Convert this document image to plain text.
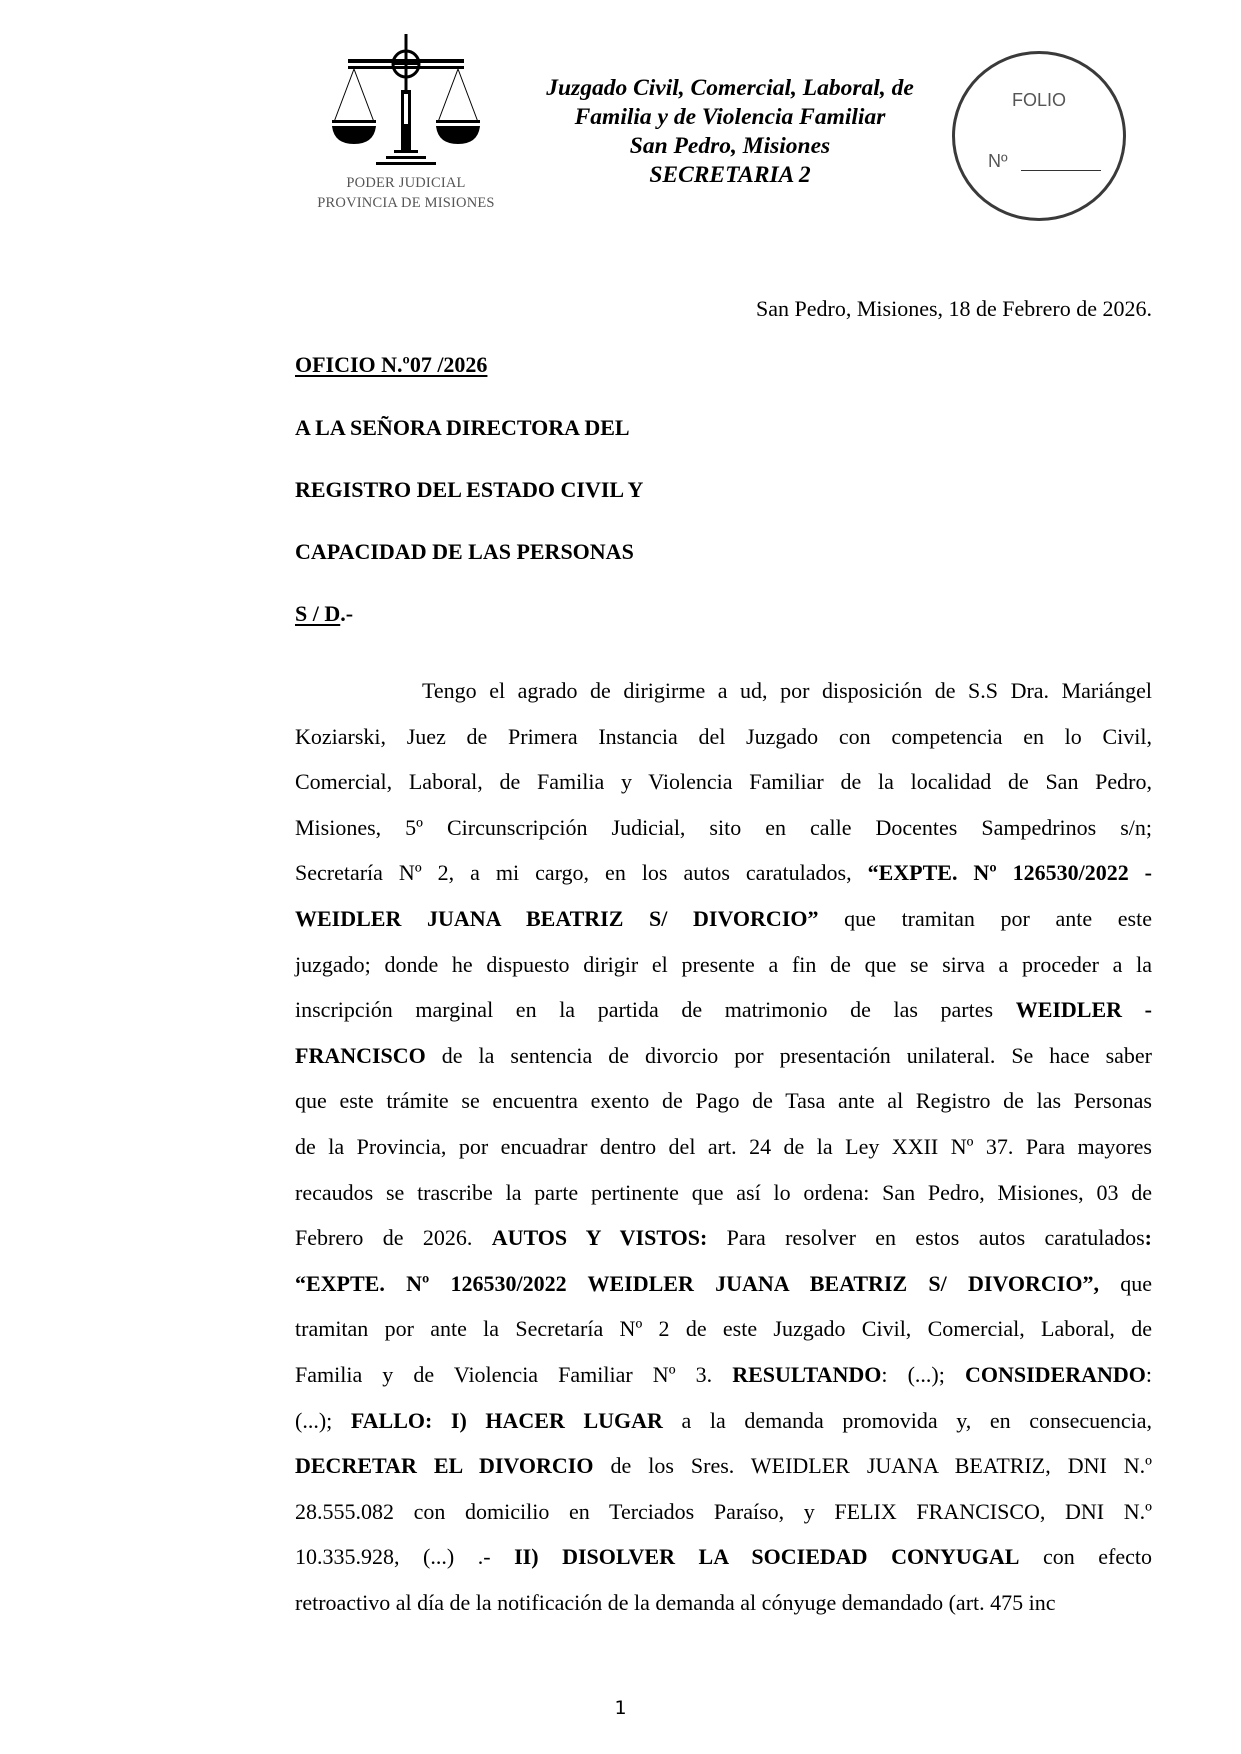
PODER JUDICIAL
PROVINCIA DE MISIONES
Juzgado Civil, Comercial, Laboral, de
Familia y de Violencia Familiar
San Pedro, Misiones
SECRETARIA 2
FOLIO
Nº
San Pedro, Misiones, 18 de Febrero de 2026.
OFICIO N.º07 /2026
A LA SEÑORA DIRECTORA DEL
REGISTRO DEL ESTADO CIVIL Y
CAPACIDAD DE LAS PERSONAS
S / D.-
Tengo el agrado de dirigirme a ud, por disposición de S.S Dra. Mariángel
Koziarski, Juez de Primera Instancia del Juzgado con competencia en lo Civil,
Comercial, Laboral, de Familia y Violencia Familiar de la localidad de San Pedro,
Misiones, 5º Circunscripción Judicial, sito en calle Docentes Sampedrinos s/n;
Secretaría Nº 2, a mi cargo, en los autos caratulados, “EXPTE. Nº 126530/2022 -
WEIDLER JUANA BEATRIZ S/ DIVORCIO” que tramitan por ante este
juzgado; donde he dispuesto dirigir el presente a fin de que se sirva a proceder a la
inscripción marginal en la partida de matrimonio de las partes WEIDLER -
FRANCISCO de la sentencia de divorcio por presentación unilateral. Se hace saber
que este trámite se encuentra exento de Pago de Tasa ante al Registro de las Personas
de la Provincia, por encuadrar dentro del art. 24 de la Ley XXII Nº 37. Para mayores
recaudos se trascribe la parte pertinente que así lo ordena: San Pedro, Misiones, 03 de
Febrero de 2026. AUTOS Y VISTOS: Para resolver en estos autos caratulados:
“EXPTE. Nº 126530/2022 WEIDLER JUANA BEATRIZ S/ DIVORCIO”, que
tramitan por ante la Secretaría Nº 2 de este Juzgado Civil, Comercial, Laboral, de
Familia y de Violencia Familiar Nº 3. RESULTANDO: (...); CONSIDERANDO:
(...); FALLO: I) HACER LUGAR a la demanda promovida y, en consecuencia,
DECRETAR EL DIVORCIO de los Sres. WEIDLER JUANA BEATRIZ, DNI N.º
28.555.082 con domicilio en Terciados Paraíso, y FELIX FRANCISCO, DNI N.º
10.335.928, (...) .- II) DISOLVER LA SOCIEDAD CONYUGAL con efecto
retroactivo al día de la notificación de la demanda al cónyuge demandado (art. 475 inc
1
